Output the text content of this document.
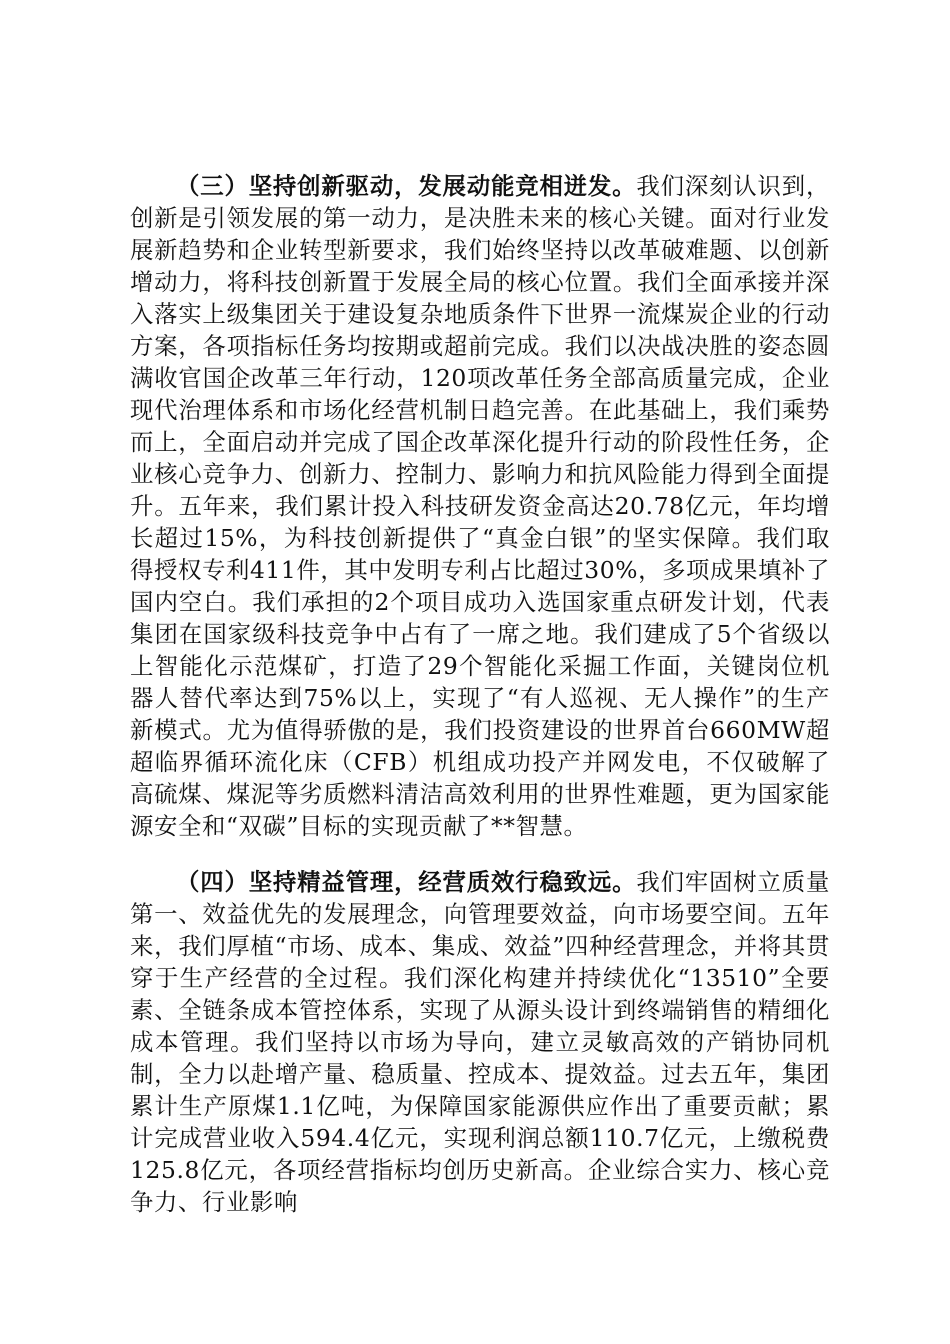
（三）坚持创新驱动，发展动能竞相迸发。我们深刻认识到，创新是引领发展的第一动力，是决胜未来的核心关键。面对行业发展新趋势和企业转型新要求，我们始终坚持以改革破难题、以创新增动力，将科技创新置于发展全局的核心位置。我们全面承接并深入落实上级集团关于建设复杂地质条件下世界一流煤炭企业的行动方案，各项指标任务均按期或超前完成。我们以决战决胜的姿态圆满收官国企改革三年行动，120项改革任务全部高质量完成，企业现代治理体系和市场化经营机制日趋完善。在此基础上，我们乘势而上，全面启动并完成了国企改革深化提升行动的阶段性任务，企业核心竞争力、创新力、控制力、影响力和抗风险能力得到全面提升。五年来，我们累计投入科技研发资金高达20.78亿元，年均增长超过15%，为科技创新提供了“真金白银”的坚实保障。我们取得授权专利411件，其中发明专利占比超过30%，多项成果填补了国内空白。我们承担的2个项目成功入选国家重点研发计划，代表集团在国家级科技竞争中占有了一席之地。我们建成了5个省级以上智能化示范煤矿，打造了29个智能化采掘工作面，关键岗位机器人替代率达到75%以上，实现了“有人巡视、无人操作”的生产新模式。尤为值得骄傲的是，我们投资建设的世界首台660MW超超临界循环流化床（CFB）机组成功投产并网发电，不仅破解了高硫煤、煤泥等劣质燃料清洁高效利用的世界性难题，更为国家能源安全和“双碳”目标的实现贡献了**智慧。

（四）坚持精益管理，经营质效行稳致远。我们牢固树立质量第一、效益优先的发展理念，向管理要效益，向市场要空间。五年来，我们厚植“市场、成本、集成、效益”四种经营理念，并将其贯穿于生产经营的全过程。我们深化构建并持续优化“13510”全要素、全链条成本管控体系，实现了从源头设计到终端销售的精细化成本管理。我们坚持以市场为导向，建立灵敏高效的产销协同机制，全力以赴增产量、稳质量、控成本、提效益。过去五年，集团累计生产原煤1.1亿吨，为保障国家能源供应作出了重要贡献；累计完成营业收入594.4亿元，实现利润总额110.7亿元，上缴税费125.8亿元，各项经营指标均创历史新高。企业综合实力、核心竞争力、行业影响
